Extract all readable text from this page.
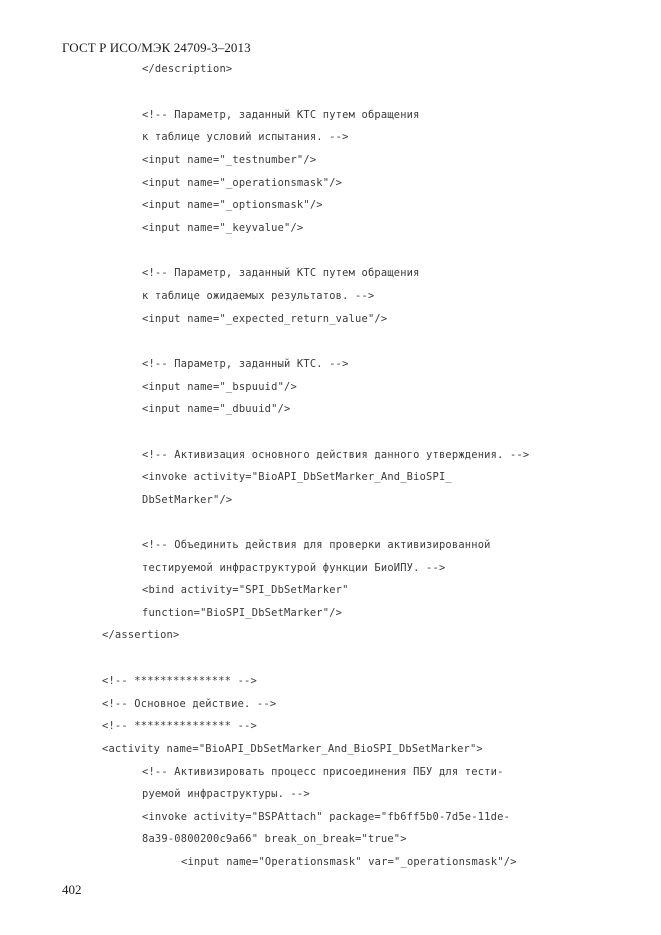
ГОСТ Р ИСО/МЭК 24709-3–2013
</description>
<!-- Параметр, заданный КТС путем обращения
к таблице условий испытания. -->
<input name="_testnumber"/>
<input name="_operationsmask"/>
<input name="_optionsmask"/>
<input name="_keyvalue"/>
<!-- Параметр, заданный КТС путем обращения
к таблице ожидаемых результатов. -->
<input name="_expected_return_value"/>
<!-- Параметр, заданный КТС. -->
<input name="_bspuuid"/>
<input name="_dbuuid"/>
<!-- Активизация основного действия данного утверждения. -->
<invoke activity="BioAPI_DbSetMarker_And_BioSPI_
DbSetMarker"/>
<!-- Объединить действия для проверки активизированной
тестируемой инфраструктурой функции БиоИПУ. -->
<bind activity="SPI_DbSetMarker"
function="BioSPI_DbSetMarker"/>
</assertion>
<!-- *************** -->
<!-- Основное действие. -->
<!-- *************** -->
<activity name="BioAPI_DbSetMarker_And_BioSPI_DbSetMarker">
<!-- Активизировать процесс присоединения ПБУ для тести-
руемой инфраструктуры. -->
<invoke activity="BSPAttach" package="fb6ff5b0-7d5e-11de-
8a39-0800200c9a66" break_on_break="true">
<input name="Operationsmask" var="_operationsmask"/>
402
